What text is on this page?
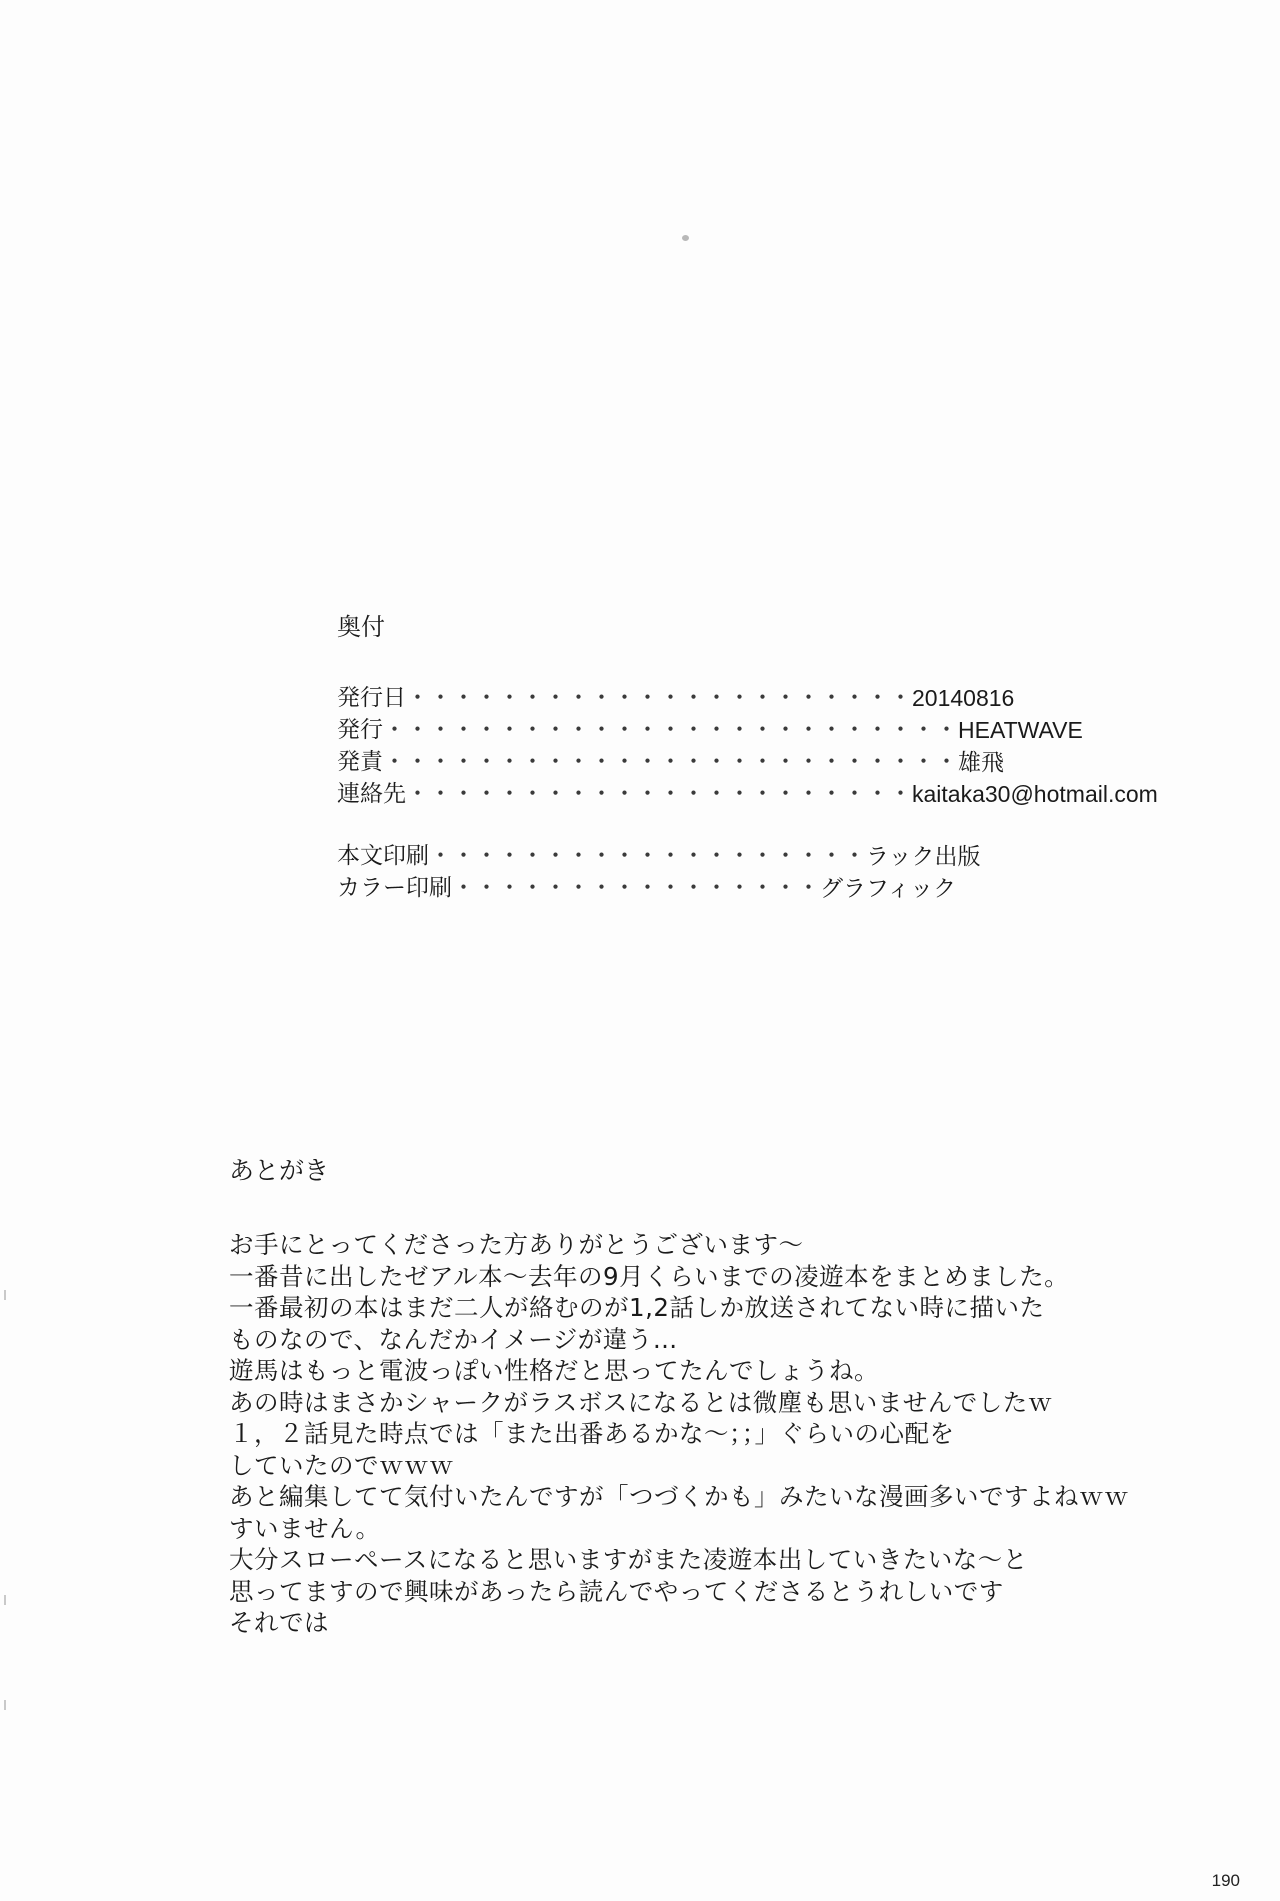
奥付
発行日 ・・・・・・・・・・・・・・・・・・・・・・ 20140816
発行 ・・・・・・・・・・・・・・・・・・・・・・・・・ HEATWAVE
発責 ・・・・・・・・・・・・・・・・・・・・・・・・・ 雄飛
連絡先 ・・・・・・・・・・・・・・・・・・・・・・ kaitaka30@hotmail.com
本文印刷 ・・・・・・・・・・・・・・・・・・・ ラック出版
カラー印刷 ・・・・・・・・・・・・・・・・ グラフィック
あとがき
お手にとってくださった方ありがとうございます～
一番昔に出したゼアル本～去年の9月くらいまでの凌遊本をまとめました。
一番最初の本はまだ二人が絡むのが1,2話しか放送されてない時に描いた
ものなので、なんだかイメージが違う…
遊馬はもっと電波っぽい性格だと思ってたんでしょうね。
あの時はまさかシャークがラスボスになるとは微塵も思いませんでしたｗ
１，２話見た時点では「また出番あるかな～；；」ぐらいの心配を
していたのでｗｗｗ
あと編集してて気付いたんですが「つづくかも」みたいな漫画多いですよねｗｗ
すいません。
大分スローペースになると思いますがまた凌遊本出していきたいな～と
思ってますので興味があったら読んでやってくださるとうれしいです
それでは
190
